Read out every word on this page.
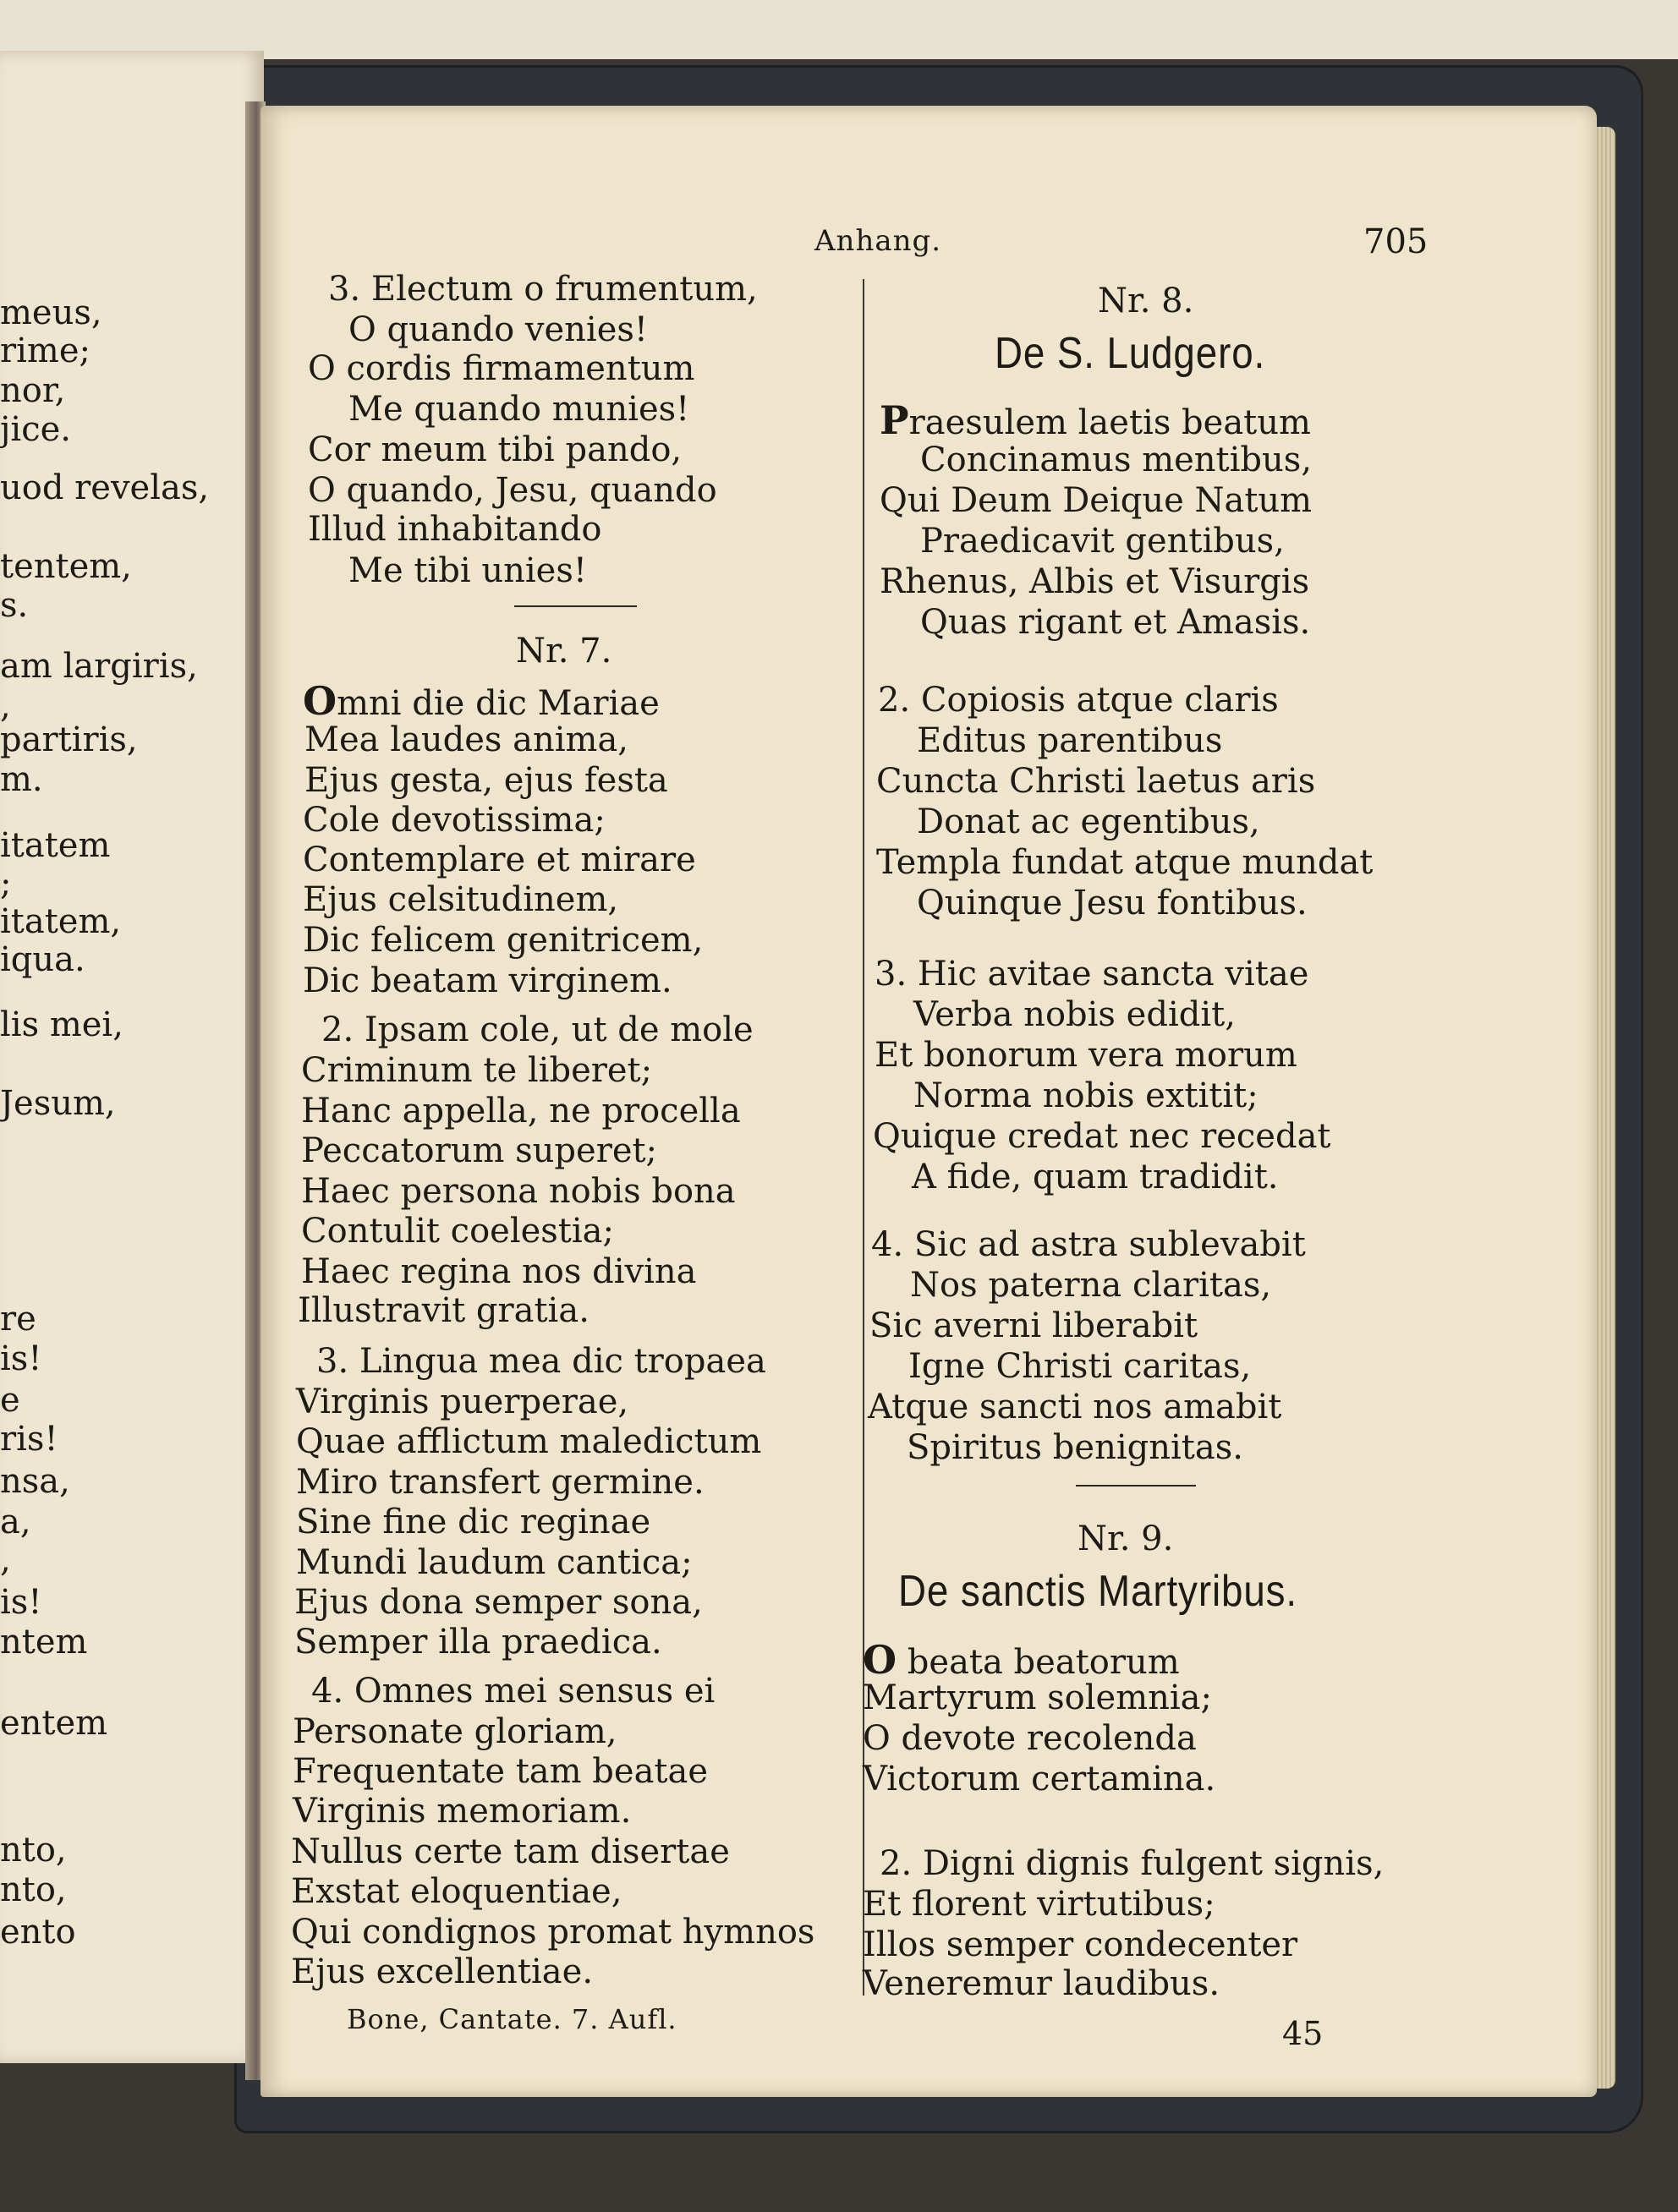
meus,
rime;
nor,
jice.
uod revelas,
tentem,
s.
am largiris,
,
partiris,
m.
itatem
;
itatem,
iqua.
lis mei,
Jesum,
re
is!
e
ris!
nsa,
a,
,
is!
ntem
entem
nto,
nto,
ento
Anhang.	705
3. Electum o frumentum,
O quando venies!
O cordis firmamentum
Me quando munies!
Cor meum tibi pando,
O quando, Jesu, quando
Illud inhabitando
Me tibi unies!
Nr. 7.
Omni die dic Mariae
Mea laudes anima,
Ejus gesta, ejus festa
Cole devotissima;
Contemplare et mirare
Ejus celsitudinem,
Dic felicem genitricem,
Dic beatam virginem.
2. Ipsam cole, ut de mole
Criminum te liberet;
Hanc appella, ne procella
Peccatorum superet;
Haec persona nobis bona
Contulit coelestia;
Haec regina nos divina
Illustravit gratia.
3. Lingua mea dic tropaea
Virginis puerperae,
Quae afflictum maledictum
Miro transfert germine.
Sine fine dic reginae
Mundi laudum cantica;
Ejus dona semper sona,
Semper illa praedica.
4. Omnes mei sensus ei
Personate gloriam,
Frequentate tam beatae
Virginis memoriam.
Nullus certe tam disertae
Exstat eloquentiae,
Qui condignos promat hymnos
Ejus excellentiae.
Bone, Cantate. 7. Aufl.
Nr. 8.
De S. Ludgero.
Praesulem laetis beatum
Concinamus mentibus,
Qui Deum Deique Natum
Praedicavit gentibus,
Rhenus, Albis et Visurgis
Quas rigant et Amasis.
2. Copiosis atque claris
Editus parentibus
Cuncta Christi laetus aris
Donat ac egentibus,
Templa fundat atque mundat
Quinque Jesu fontibus.
3. Hic avitae sancta vitae
Verba nobis edidit,
Et bonorum vera morum
Norma nobis extitit;
Quique credat nec recedat
A fide, quam tradidit.
4. Sic ad astra sublevabit
Nos paterna claritas,
Sic averni liberabit
Igne Christi caritas,
Atque sancti nos amabit
Spiritus benignitas.
Nr. 9.
De sanctis Martyribus.
O beata beatorum
Martyrum solemnia;
O devote recolenda
Victorum certamina.
2. Digni dignis fulgent signis,
Et florent virtutibus;
Illos semper condecenter
Veneremur laudibus.
45
